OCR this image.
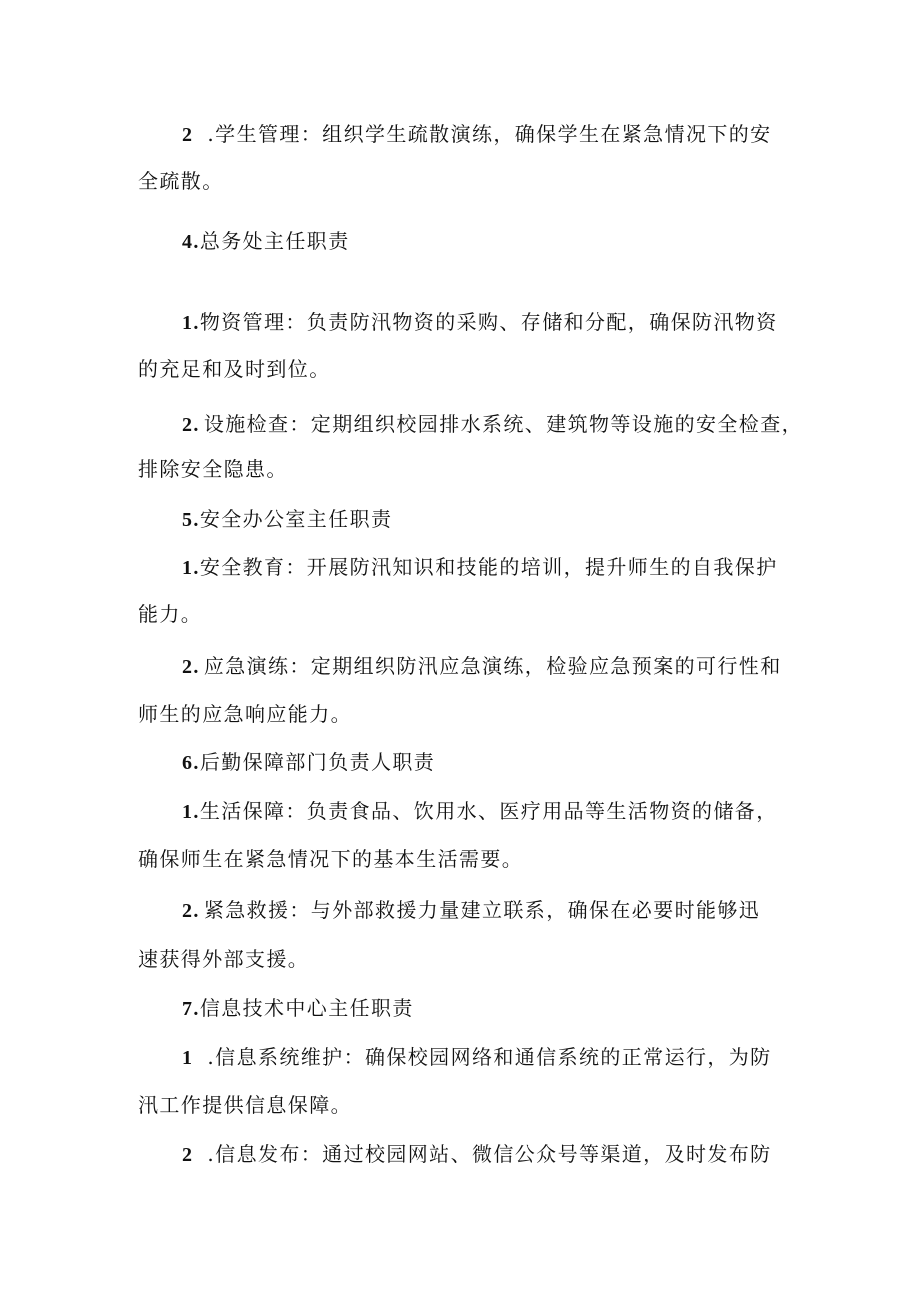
2 .学生管理：组织学生疏散演练，确保学生在紧急情况下的安

全疏散。

4.总务处主任职责

1.物资管理：负责防汛物资的采购、存储和分配，确保防汛物资

的充足和及时到位。

2. 设施检查：定期组织校园排水系统、建筑物等设施的安全检查，

排除安全隐患。

5.安全办公室主任职责

1.安全教育：开展防汛知识和技能的培训，提升师生的自我保护

能力。

2. 应急演练：定期组织防汛应急演练，检验应急预案的可行性和

师生的应急响应能力。

6.后勤保障部门负责人职责

1.生活保障：负责食品、饮用水、医疗用品等生活物资的储备，

确保师生在紧急情况下的基本生活需要。

2. 紧急救援：与外部救援力量建立联系，确保在必要时能够迅

速获得外部支援。

7.信息技术中心主任职责

1 .信息系统维护：确保校园网络和通信系统的正常运行，为防

汛工作提供信息保障。

2 .信息发布：通过校园网站、微信公众号等渠道，及时发布防
